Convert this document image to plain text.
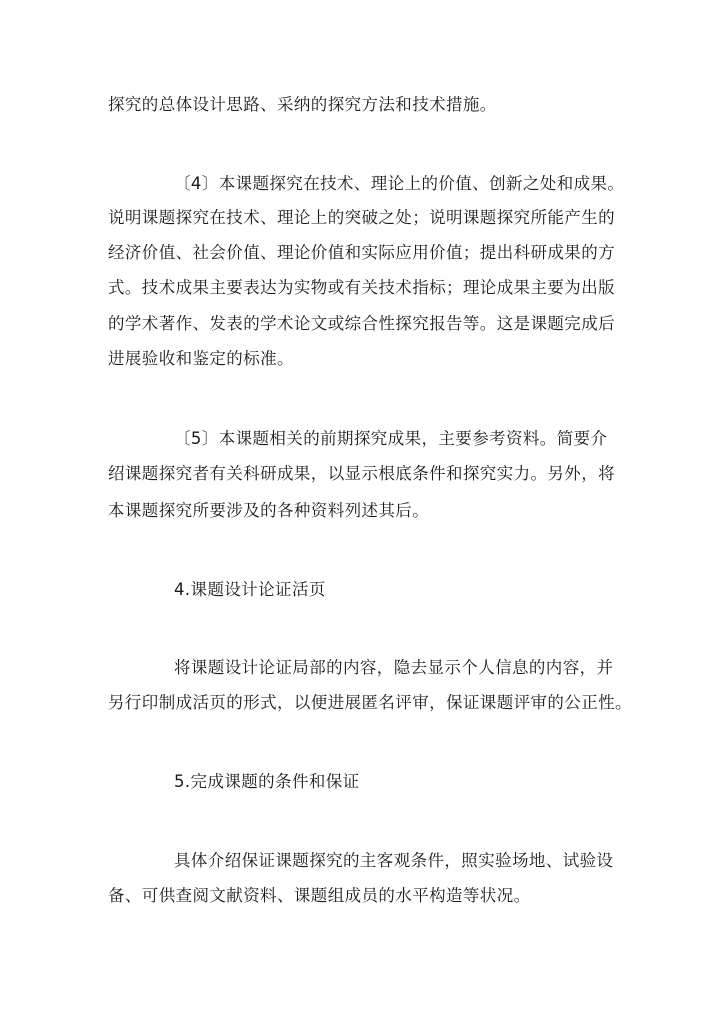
探究的总体设计思路、采纳的探究方法和技术措施。
〔4〕本课题探究在技术、理论上的价值、创新之处和成果。
说明课题探究在技术、理论上的突破之处；说明课题探究所能产生的
经济价值、社会价值、理论价值和实际应用价值；提出科研成果的方
式。技术成果主要表达为实物或有关技术指标；理论成果主要为出版
的学术著作、发表的学术论文或综合性探究报告等。这是课题完成后
进展验收和鉴定的标准。
〔5〕本课题相关的前期探究成果，主要参考资料。简要介
绍课题探究者有关科研成果，以显示根底条件和探究实力。另外，将
本课题探究所要涉及的各种资料列述其后。
4.课题设计论证活页
将课题设计论证局部的内容，隐去显示个人信息的内容，并
另行印制成活页的形式，以便进展匿名评审，保证课题评审的公正性。
5.完成课题的条件和保证
具体介绍保证课题探究的主客观条件，照实验场地、试验设
备、可供查阅文献资料、课题组成员的水平构造等状况。
